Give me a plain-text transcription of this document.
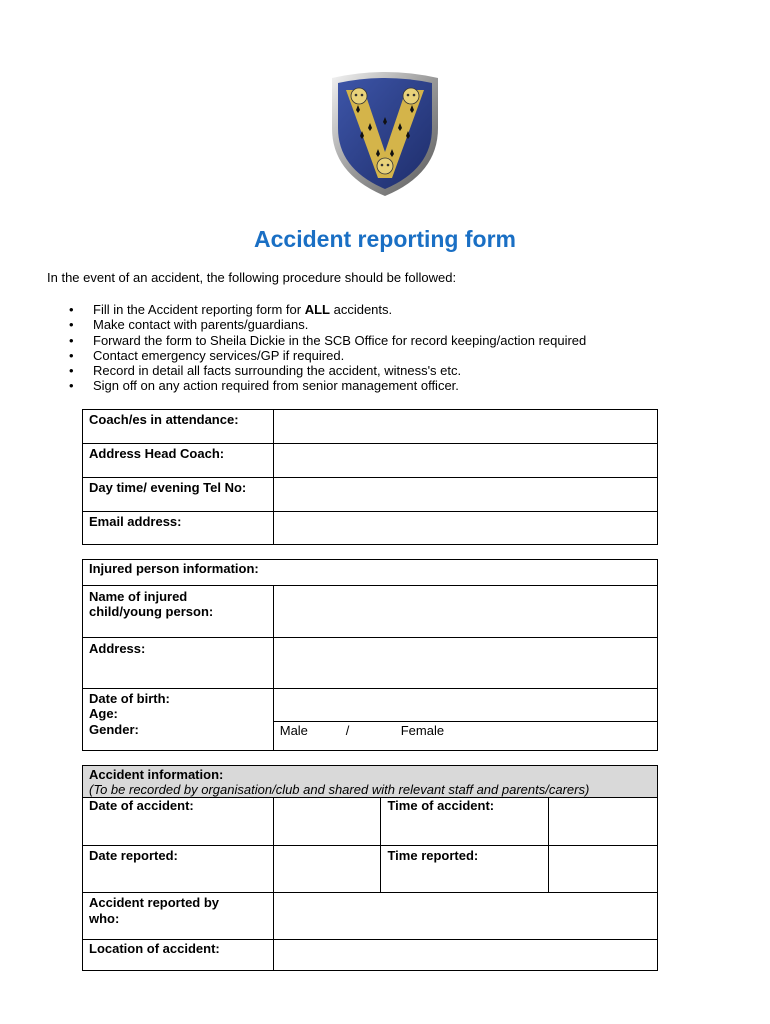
Accident reporting form
In the event of an accident, the following procedure should be followed:
• Fill in the Accident reporting form for ALL accidents.
• Make contact with parents/guardians.
• Forward the form to Sheila Dickie in the SCB Office for record keeping/action required
• Contact emergency services/GP if required.
• Record in detail all facts surrounding the accident, witness's etc.
• Sign off on any action required from senior management officer.
Coach/es in attendance:	
Address Head Coach:	
Day time/ evening Tel No:	
Email address:	
Injured person information:	

Name of injured
child/young person:	

Address:	

Date of birth:
Age:	

Gender:	Male / Female
Accident information:
(To be recorded by organisation/club and shared with relevant staff and parents/carers)			

Date of accident:		Time of accident:	
Date reported:		Time reported:	

Accident reported by
who:			

Location of accident:			
